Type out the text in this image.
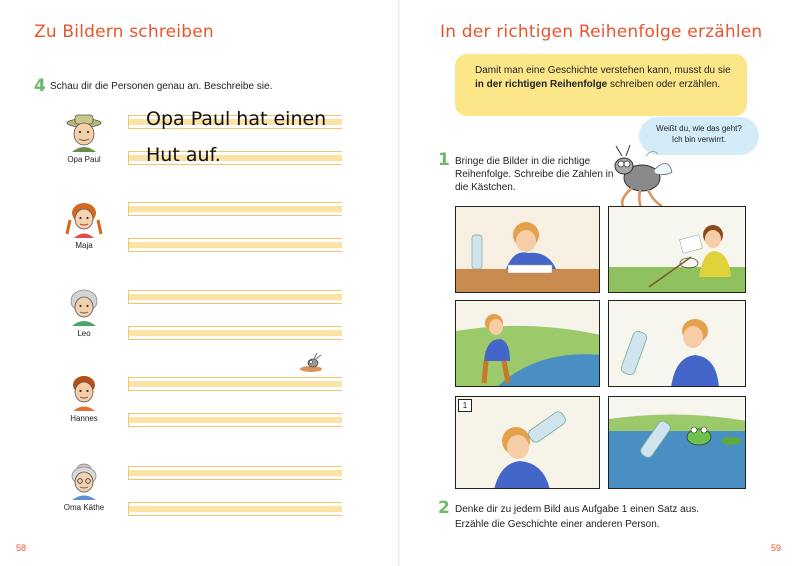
Zu Bildern schreiben
4 Schau dir die Personen genau an. Beschreibe sie.
Opa Paul
Maja
Leo
Hannes
Oma Käthe
Opa Paul hat einen
Hut auf.
58
In der richtigen Reihenfolge erzählen
59
Damit man eine Geschichte verstehen kann, musst du sie in der richtigen Reihenfolge schreiben oder erzählen.
Weißt du, wie das geht?
Ich bin verwirrt.
1 Bringe die Bilder in die richtige Reihenfolge. Schreibe die Zahlen in die Kästchen.
1
2 Denke dir zu jedem Bild aus Aufgabe 1 einen Satz aus.
Erzähle die Geschichte einer anderen Person.
